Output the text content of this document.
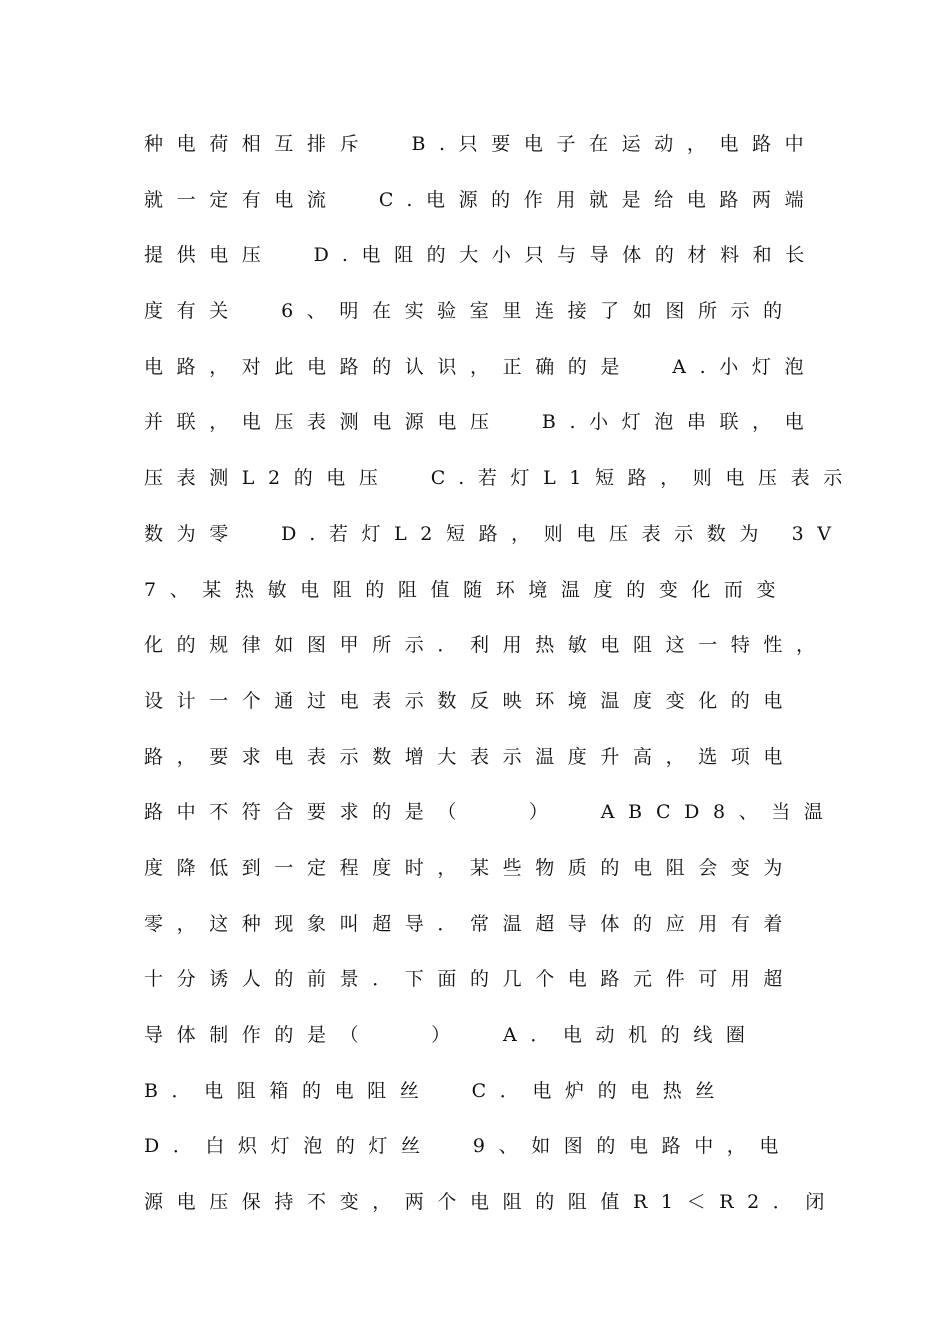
种电荷相互排斥  B.只要电子在运动，电路中
就一定有电流  C.电源的作用就是给电路两端
提供电压  D.电阻的大小只与导体的材料和长
度有关  6、明在实验室里连接了如图所示的
电路，对此电路的认识，正确的是  A.小灯泡
并联，电压表测电源电压  B.小灯泡串联，电
压表测L2的电压  C.若灯L1短路，则电压表示
数为零  D.若灯L2短路，则电压表示数为 3V
7、某热敏电阻的阻值随环境温度的变化而变
化的规律如图甲所示．利用热敏电阻这一特性，
设计一个通过电表示数反映环境温度变化的电
路，要求电表示数增大表示温度升高，选项电
路中不符合要求的是（   ）  ABCD8、当温
度降低到一定程度时，某些物质的电阻会变为
零，这种现象叫超导．常温超导体的应用有着
十分诱人的前景．下面的几个电路元件可用超
导体制作的是（   ）  A．电动机的线圈
B．电阻箱的电阻丝  C．电炉的电热丝
D．白炽灯泡的灯丝  9、如图的电路中，电
源电压保持不变，两个电阻的阻值R1＜R2．闭
